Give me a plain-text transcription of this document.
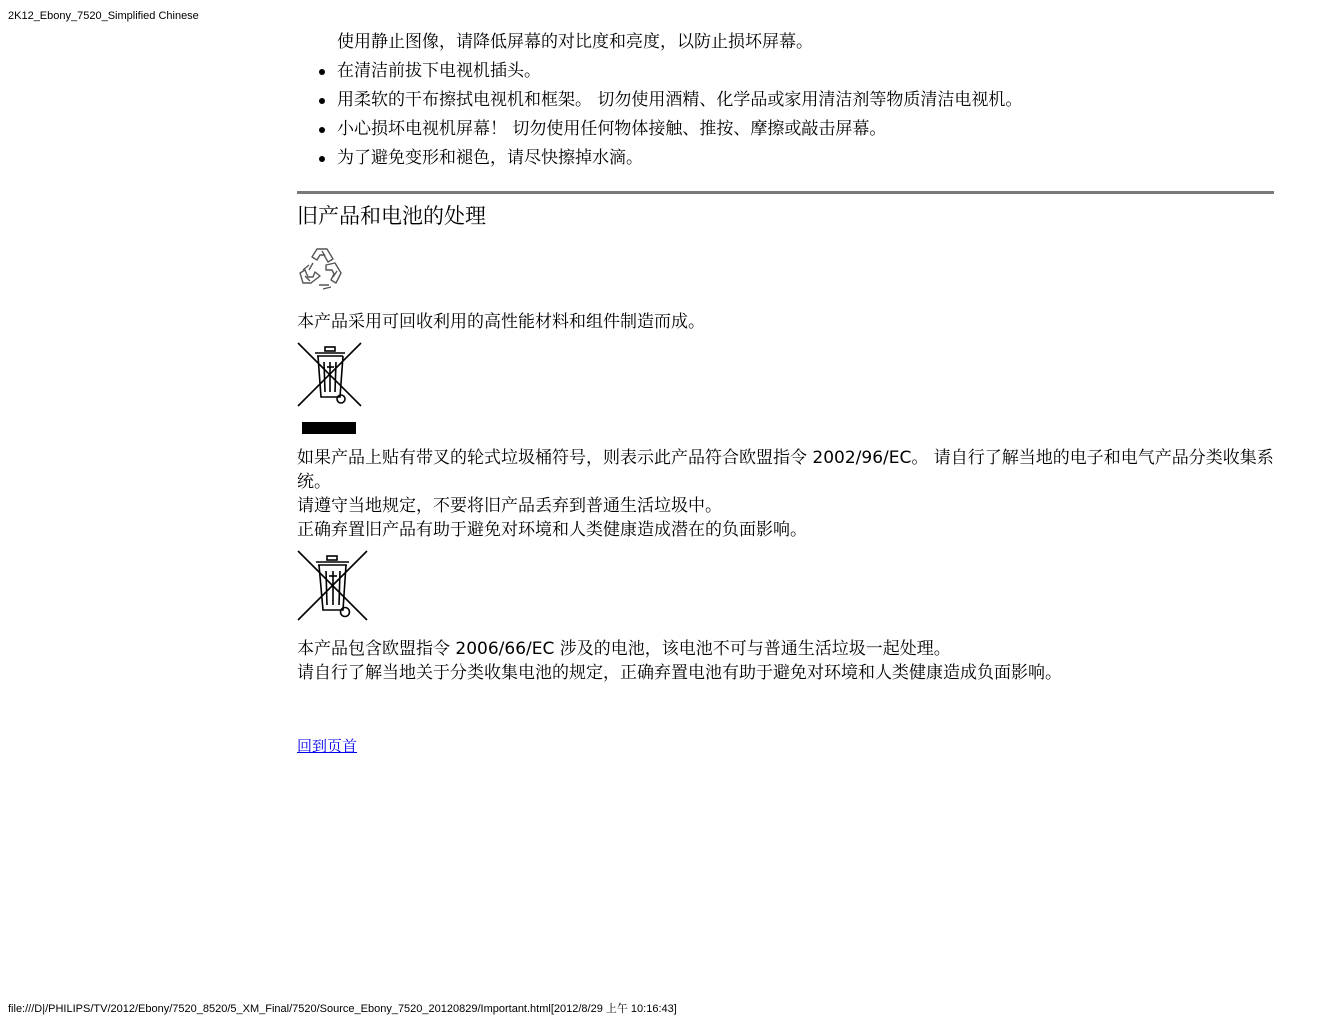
2K12_Ebony_7520_Simplified Chinese
使用静止图像，请降低屏幕的对比度和亮度，以防止损坏屏幕。
在清洁前拔下电视机插头。
用柔软的干布擦拭电视机和框架。 切勿使用酒精、化学品或家用清洁剂等物质清洁电视机。
小心损坏电视机屏幕！ 切勿使用任何物体接触、推按、摩擦或敲击屏幕。
为了避免变形和褪色，请尽快擦掉水滴。
旧产品和电池的处理

本产品采用可回收利用的高性能材料和组件制造而成。

如果产品上贴有带叉的轮式垃圾桶符号，则表示此产品符合欧盟指令 2002/96/EC。 请自行了解当地的电子和电气产品分类收集系统。

请遵守当地规定，不要将旧产品丢弃到普通生活垃圾中。

正确弃置旧产品有助于避免对环境和人类健康造成潜在的负面影响。

本产品包含欧盟指令 2006/66/EC 涉及的电池，该电池不可与普通生活垃圾一起处理。

请自行了解当地关于分类收集电池的规定，正确弃置电池有助于避免对环境和人类健康造成负面影响。

回到页首
file:///D|/PHILIPS/TV/2012/Ebony/7520_8520/5_XM_Final/7520/Source_Ebony_7520_20120829/Important.html[2012/8/29 上午 10:16:43]
